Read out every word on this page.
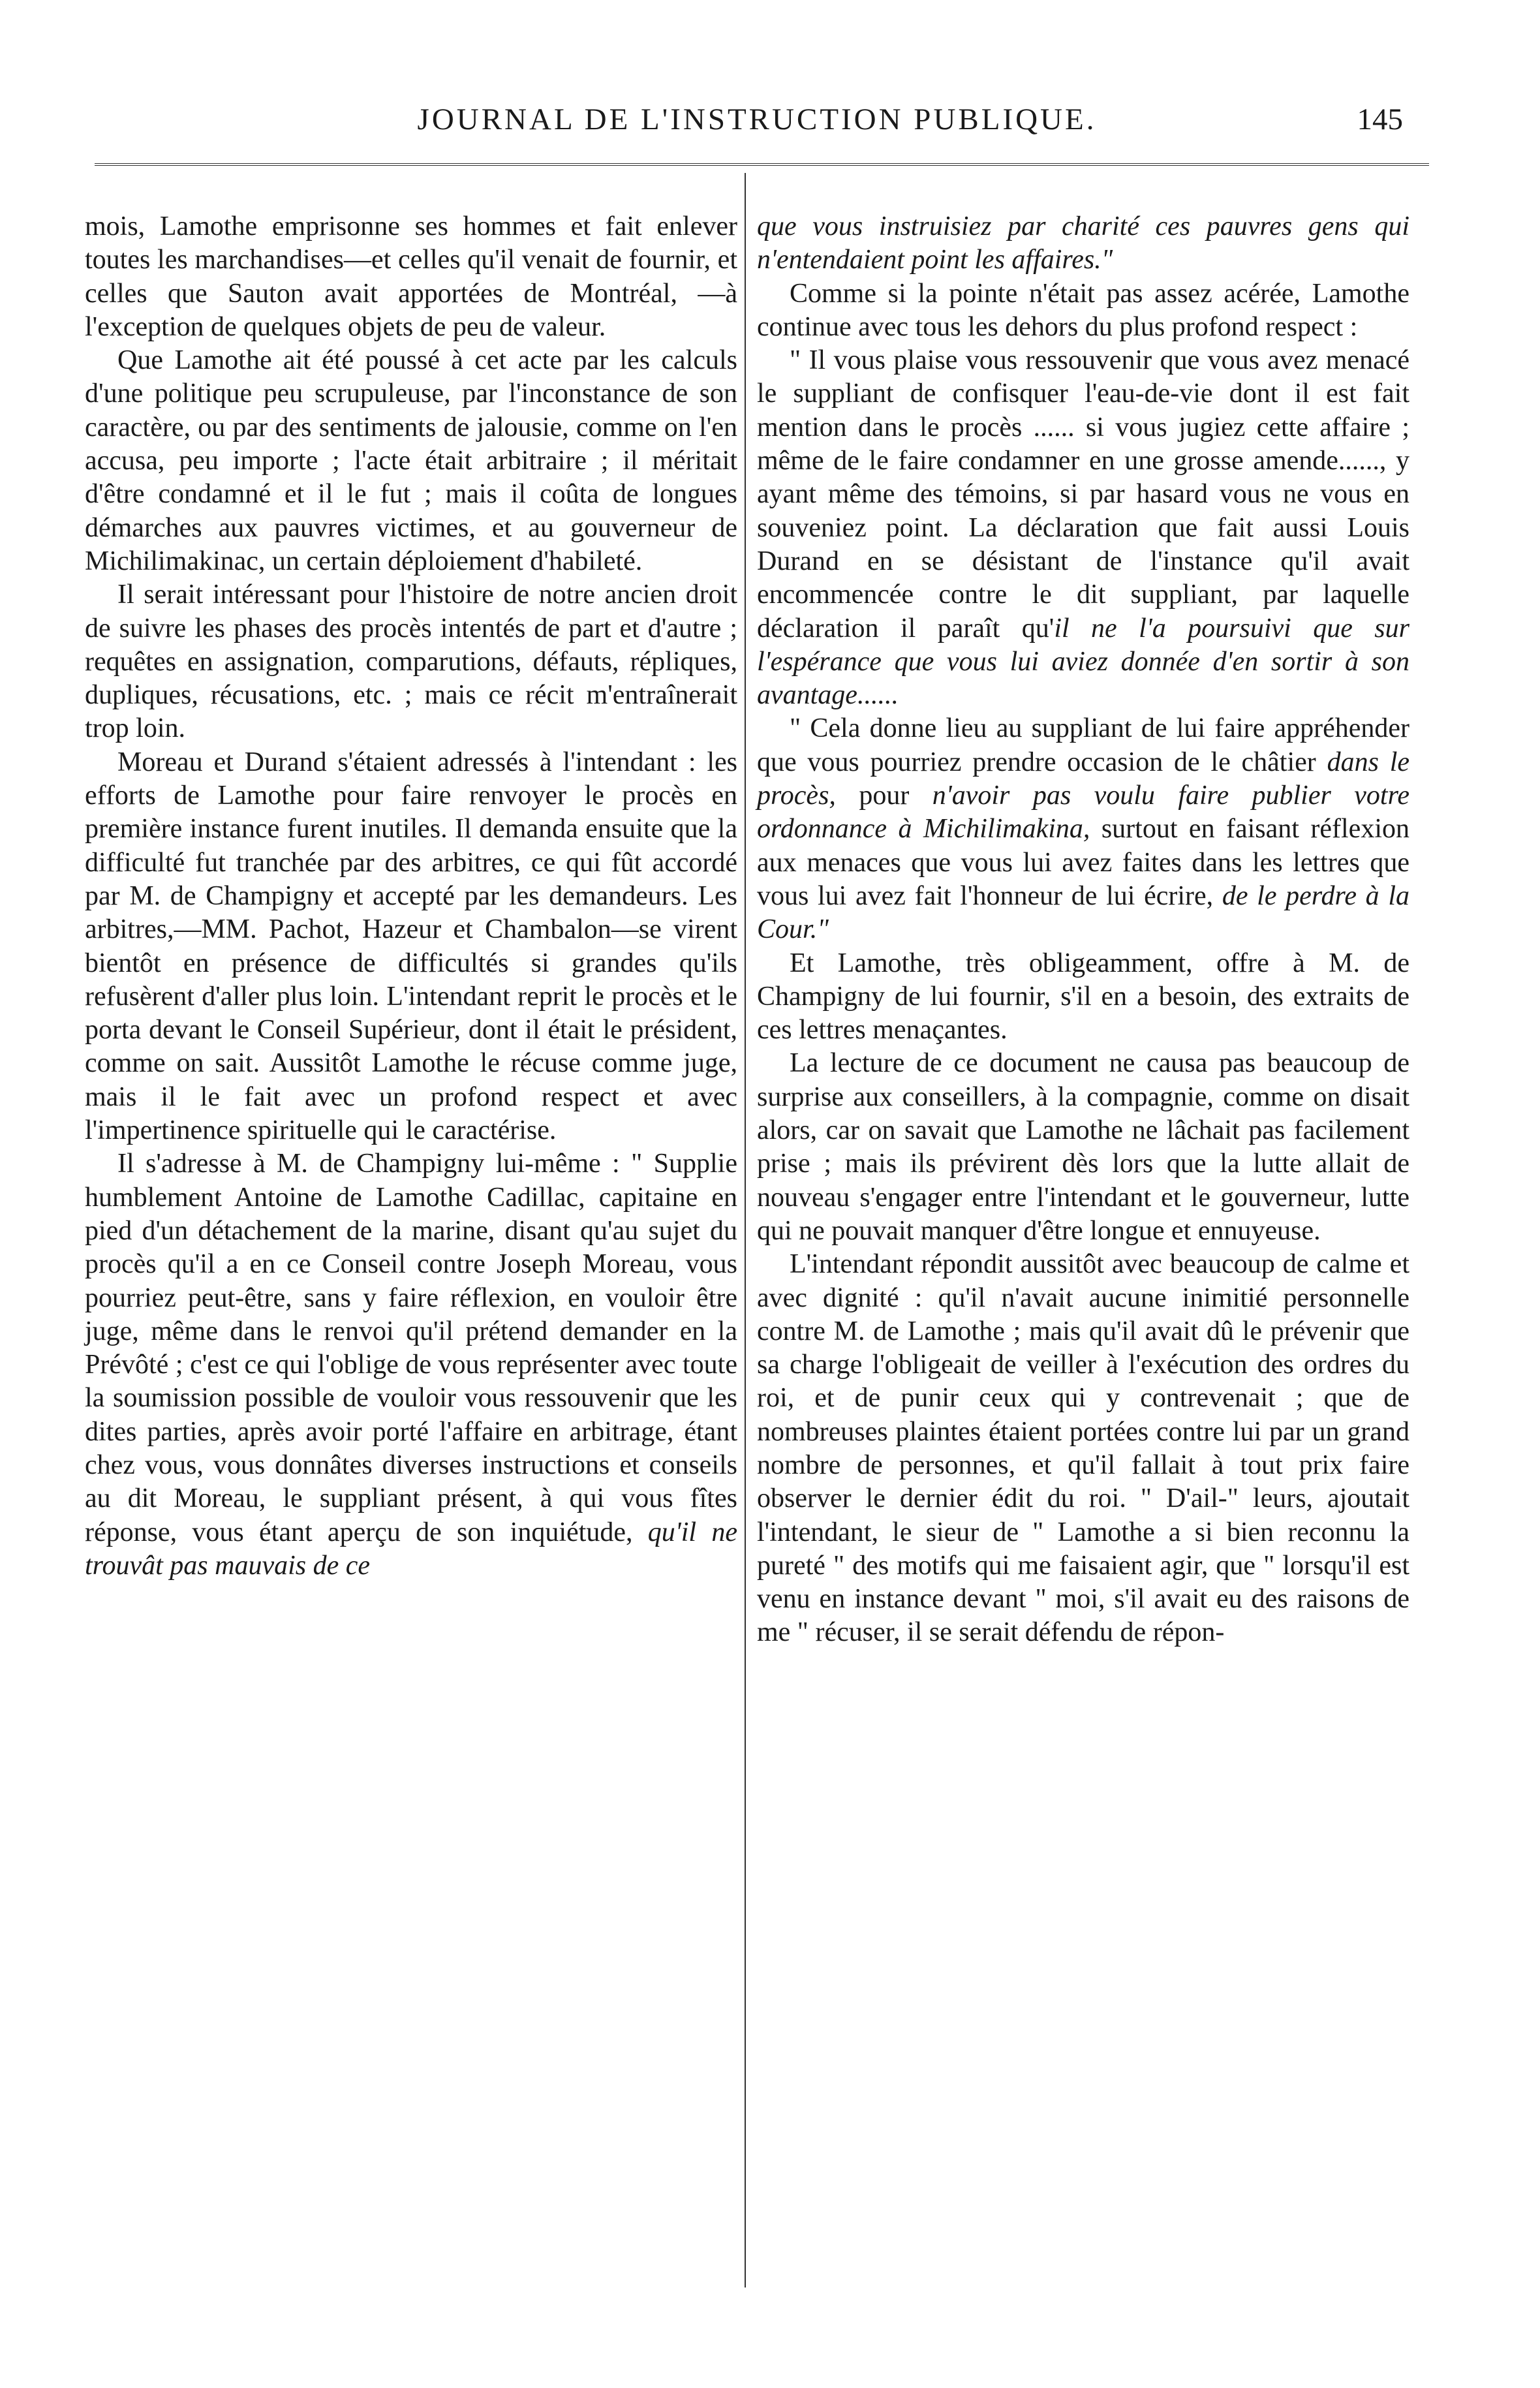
JOURNAL DE L'INSTRUCTION PUBLIQUE.	145

mois, Lamothe emprisonne ses hommes et fait enlever toutes les marchandises—et celles qu'il venait de fournir, et celles que Sauton avait apportées de Montréal, —à l'exception de quelques objets de peu de valeur.

Que Lamothe ait été poussé à cet acte par les calculs d'une politique peu scrupuleuse, par l'inconstance de son caractère, ou par des sentiments de jalousie, comme on l'en accusa, peu importe ; l'acte était arbitraire ; il méritait d'être condamné et il le fut ; mais il coûta de longues démarches aux pauvres victimes, et au gouverneur de Michilimakinac, un certain déploiement d'habileté.

Il serait intéressant pour l'histoire de notre ancien droit de suivre les phases des procès intentés de part et d'autre ; requêtes en assignation, comparutions, défauts, répliques, dupliques, récusations, etc. ; mais ce récit m'entraînerait trop loin.

Moreau et Durand s'étaient adressés à l'intendant : les efforts de Lamothe pour faire renvoyer le procès en première instance furent inutiles. Il demanda ensuite que la difficulté fut tranchée par des arbitres, ce qui fût accordé par M. de Champigny et accepté par les demandeurs. Les arbitres,—MM. Pachot, Hazeur et Chambalon—se virent bientôt en présence de difficultés si grandes qu'ils refusèrent d'aller plus loin. L'intendant reprit le procès et le porta devant le Conseil Supérieur, dont il était le président, comme on sait. Aussitôt Lamothe le récuse comme juge, mais il le fait avec un profond respect et avec l'impertinence spirituelle qui le caractérise.

Il s'adresse à M. de Champigny lui-même : " Supplie humblement Antoine de Lamothe Cadillac, capitaine en pied d'un détachement de la marine, disant qu'au sujet du procès qu'il a en ce Conseil contre Joseph Moreau, vous pourriez peut-être, sans y faire réflexion, en vouloir être juge, même dans le renvoi qu'il prétend demander en la Prévôté ; c'est ce qui l'oblige de vous représenter avec toute la soumission possible de vouloir vous ressouvenir que les dites parties, après avoir porté l'affaire en arbitrage, étant chez vous, vous donnâtes diverses instructions et conseils au dit Moreau, le suppliant présent, à qui vous fîtes réponse, vous étant aperçu de son inquiétude, qu'il ne trouvât pas mauvais de ce

que vous instruisiez par charité ces pauvres gens qui n'entendaient point les affaires."

Comme si la pointe n'était pas assez acérée, Lamothe continue avec tous les dehors du plus profond respect :

" Il vous plaise vous ressouvenir que vous avez menacé le suppliant de confisquer l'eau-de-vie dont il est fait mention dans le procès ...... si vous jugiez cette affaire ; même de le faire condamner en une grosse amende......, y ayant même des témoins, si par hasard vous ne vous en souveniez point. La déclaration que fait aussi Louis Durand en se désistant de l'instance qu'il avait encommencée contre le dit suppliant, par laquelle déclaration il paraît qu'il ne l'a poursuivi que sur l'espérance que vous lui aviez donnée d'en sortir à son avantage......

" Cela donne lieu au suppliant de lui faire appréhender que vous pourriez prendre occasion de le châtier dans le procès, pour n'avoir pas voulu faire publier votre ordonnance à Michilimakina, surtout en faisant réflexion aux menaces que vous lui avez faites dans les lettres que vous lui avez fait l'honneur de lui écrire, de le perdre à la Cour."

Et Lamothe, très obligeamment, offre à M. de Champigny de lui fournir, s'il en a besoin, des extraits de ces lettres menaçantes.

La lecture de ce document ne causa pas beaucoup de surprise aux conseillers, à la compagnie, comme on disait alors, car on savait que Lamothe ne lâchait pas facilement prise ; mais ils prévirent dès lors que la lutte allait de nouveau s'engager entre l'intendant et le gouverneur, lutte qui ne pouvait manquer d'être longue et ennuyeuse.

L'intendant répondit aussitôt avec beaucoup de calme et avec dignité : qu'il n'avait aucune inimitié personnelle contre M. de Lamothe ; mais qu'il avait dû le prévenir que sa charge l'obligeait de veiller à l'exécution des ordres du roi, et de punir ceux qui y contrevenait ; que de nombreuses plaintes étaient portées contre lui par un grand nombre de personnes, et qu'il fallait à tout prix faire observer le dernier édit du roi. " D'ail-" leurs, ajoutait l'intendant, le sieur de " Lamothe a si bien reconnu la pureté " des motifs qui me faisaient agir, que " lorsqu'il est venu en instance devant " moi, s'il avait eu des raisons de me " récuser, il se serait défendu de répon-
